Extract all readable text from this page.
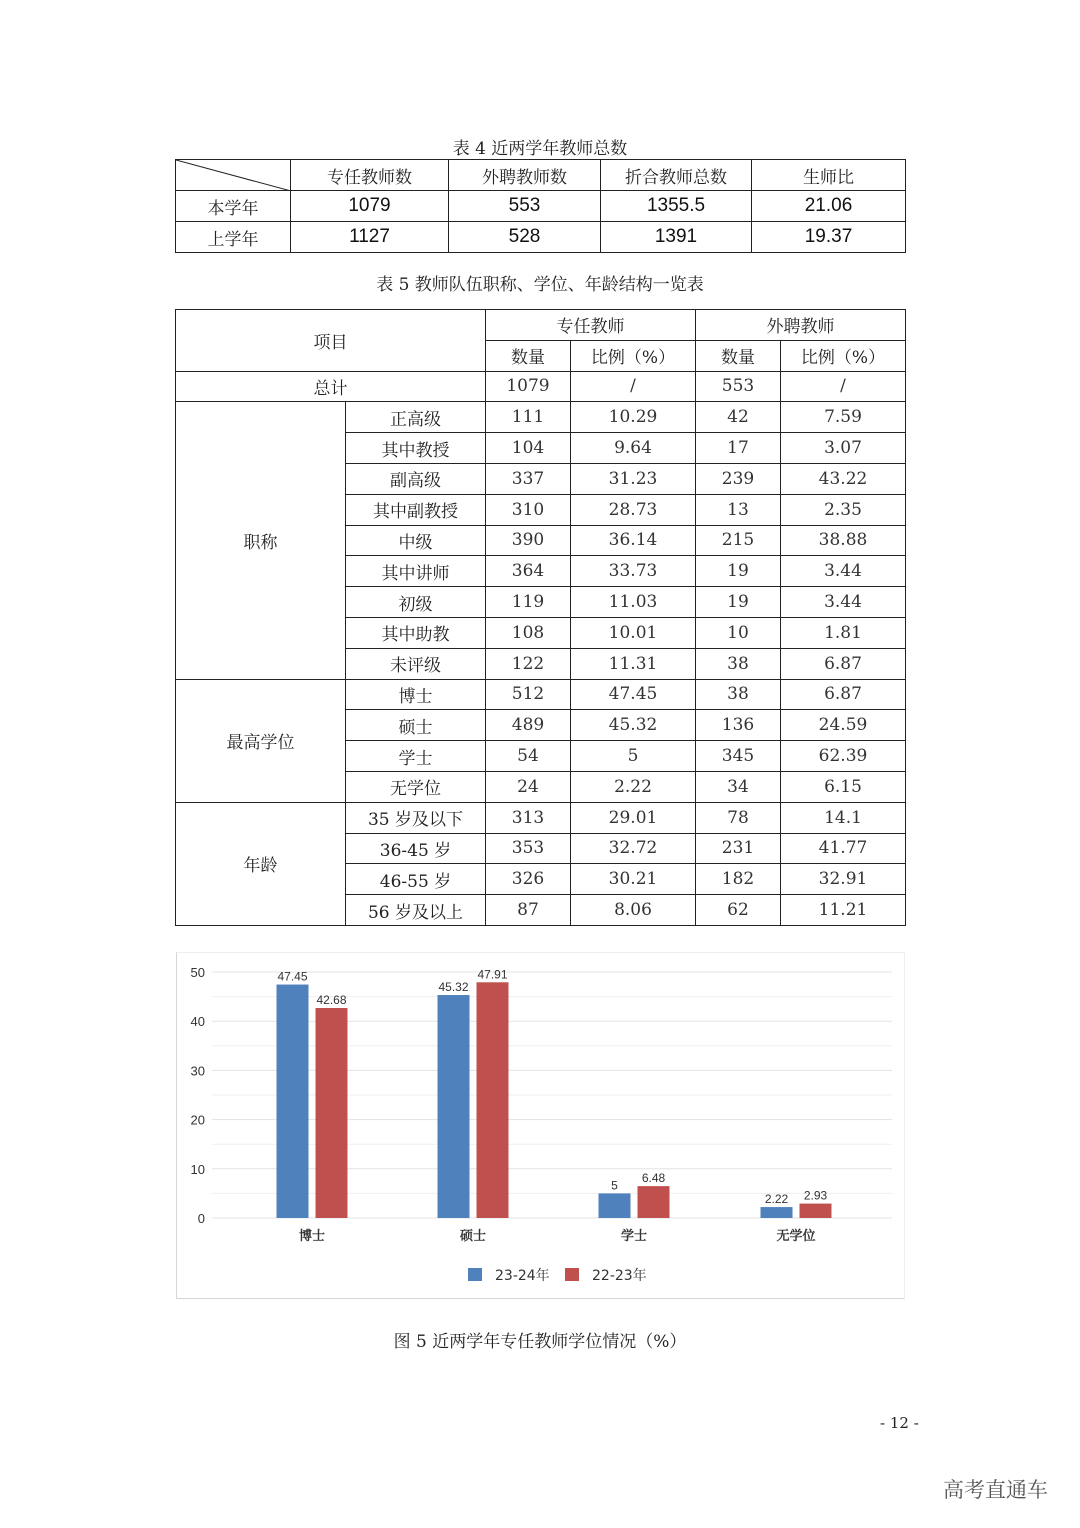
表 4 近两学年教师总数
	专任教师数	外聘教师数	折合教师总数	生师比
本学年	1079	553	1355.5	21.06
上学年	1127	528	1391	19.37
表 5 教师队伍职称、学位、年龄结构一览表
项目		专任教师		外聘教师	
		数量	比例（%）	数量	比例（%）
总计		1079	/	553	/
职称	正高级	111	10.29	42	7.59
	其中教授	104	9.64	17	3.07
	副高级	337	31.23	239	43.22
	其中副教授	310	28.73	13	2.35
	中级	390	36.14	215	38.88
	其中讲师	364	33.73	19	3.44
	初级	119	11.03	19	3.44
	其中助教	108	10.01	10	1.81
	未评级	122	11.31	38	6.87
最高学位	博士	512	47.45	38	6.87
	硕士	489	45.32	136	24.59
	学士	54	5	345	62.39
	无学位	24	2.22	34	6.15
年龄	35 岁及以下	313	29.01	78	14.1
	36-45 岁	353	32.72	231	41.77
	46-55 岁	326	30.21	182	32.91
	56 岁及以上	87	8.06	62	11.21
0
10
20
30
40
50	47.45
42.68
博士
45.32
47.91
硕士
5
6.48
学士
2.22 2.93
无学位
23-24年	22-23年
图 5 近两学年专任教师学位情况（%）
- 12 -
高考直通车
